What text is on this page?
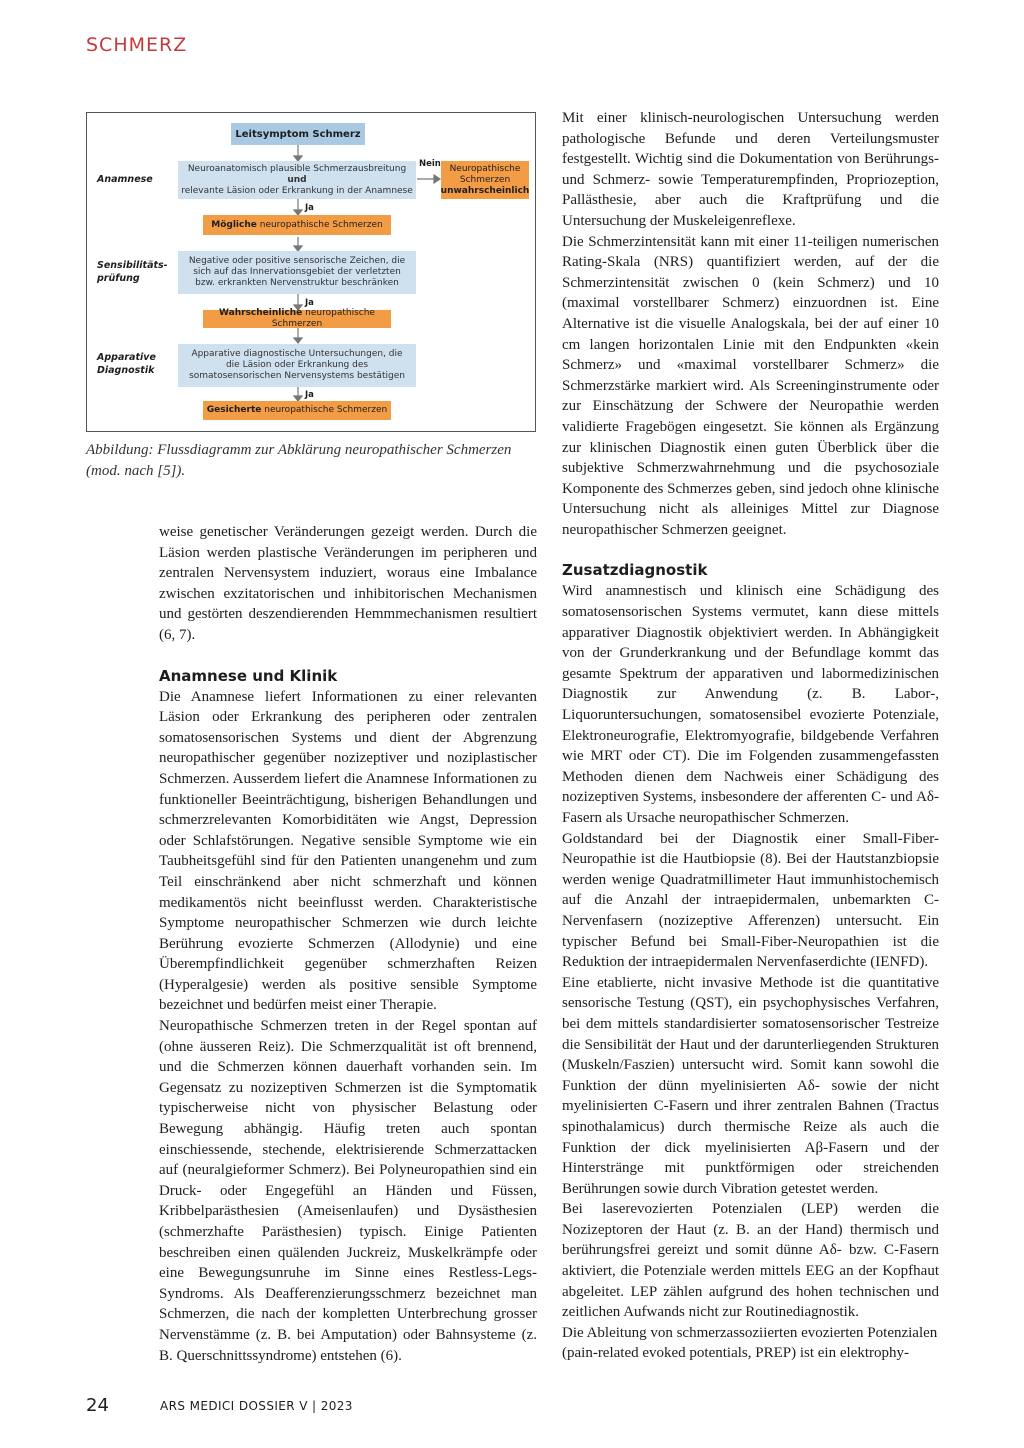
SCHMERZ
Leitsymptom Schmerz
Anamnese
Neuroanatomisch plausible Schmerzausbreitung
und
relevante Läsion oder Erkrankung in der Anamnese
Nein Neuropathische
Schmerzen
unwahrscheinlich
Ja
Mögliche neuropathische Schmerzen
Sensibilitäts-
prüfung
Negative oder positive sensorische Zeichen, die sich auf das Innervationsgebiet der verletzten bzw. erkrankten Nervenstruktur beschränken
Ja
Wahrscheinliche neuropathische Schmerzen
Apparative
Diagnostik
Apparative diagnostische Untersuchungen, die die Läsion oder Erkrankung des somatosensorischen Nervensystems bestätigen
Ja
Gesicherte neuropathische Schmerzen
Abbildung: Flussdiagramm zur Abklärung neuropathischer Schmerzen (mod. nach [5]).

weise genetischer Veränderungen gezeigt werden. Durch die Läsion werden plastische Veränderungen im peripheren und zentralen Nervensystem induziert, woraus eine Imbalance zwischen exzitatorischen und inhibitorischen Mechanismen und gestörten deszendierenden Hemmmechanismen resultiert (6, 7).

Anamnese und Klinik

Die Anamnese liefert Informationen zu einer relevanten Läsion oder Erkrankung des peripheren oder zentralen somatosensorischen Systems und dient der Abgrenzung neuropathischer gegenüber nozizeptiver und noziplastischer Schmerzen. Ausserdem liefert die Anamnese Informationen zu funktioneller Beeinträchtigung, bisherigen Behandlungen und schmerzrelevanten Komorbiditäten wie Angst, Depression oder Schlafstörungen. Negative sensible Symptome wie ein Taubheitsgefühl sind für den Patienten unangenehm und zum Teil einschränkend aber nicht schmerzhaft und können medikamentös nicht beeinflusst werden. Charakteristische Symptome neuropathischer Schmerzen wie durch leichte Berührung evozierte Schmerzen (Allodynie) und eine Überempfindlichkeit gegenüber schmerzhaften Reizen (Hyperalgesie) werden als positive sensible Symptome bezeichnet und bedürfen meist einer Therapie.

Neuropathische Schmerzen treten in der Regel spontan auf (ohne äusseren Reiz). Die Schmerzqualität ist oft brennend, und die Schmerzen können dauerhaft vorhanden sein. Im Gegensatz zu nozizeptiven Schmerzen ist die Symptomatik typischerweise nicht von physischer Belastung oder Bewegung abhängig. Häufig treten auch spontan einschiessende, stechende, elektrisierende Schmerzattacken auf (neuralgieformer Schmerz). Bei Polyneuropathien sind ein Druck- oder Engegefühl an Händen und Füssen, Kribbelparästhesien (Ameisenlaufen) und Dysästhesien (schmerzhafte Parästhesien) typisch. Einige Patienten beschreiben einen quälenden Juckreiz, Muskelkrämpfe oder eine Bewegungsunruhe im Sinne eines Restless-Legs-Syndroms. Als Deafferenzierungsschmerz bezeichnet man Schmerzen, die nach der kompletten Unterbrechung grosser Nervenstämme (z. B. bei Amputation) oder Bahnsysteme (z. B. Querschnittssyndrome) entstehen (6).

Mit einer klinisch-neurologischen Untersuchung werden pathologische Befunde und deren Verteilungsmuster festgestellt. Wichtig sind die Dokumentation von Berührungs- und Schmerz- sowie Temperaturempfinden, Propriozeption, Pallästhesie, aber auch die Kraftprüfung und die Untersuchung der Muskeleigenreflexe.

Die Schmerzintensität kann mit einer 11-teiligen numerischen Rating-Skala (NRS) quantifiziert werden, auf der die Schmerzintensität zwischen 0 (kein Schmerz) und 10 (maximal vorstellbarer Schmerz) einzuordnen ist. Eine Alternative ist die visuelle Analogskala, bei der auf einer 10 cm langen horizontalen Linie mit den Endpunkten «kein Schmerz» und «maximal vorstellbarer Schmerz» die Schmerzstärke markiert wird. Als Screeninginstrumente oder zur Einschätzung der Schwere der Neuropathie werden validierte Fragebögen eingesetzt. Sie können als Ergänzung zur klinischen Diagnostik einen guten Überblick über die subjektive Schmerzwahrnehmung und die psychosoziale Komponente des Schmerzes geben, sind jedoch ohne klinische Untersuchung nicht als alleiniges Mittel zur Diagnose neuropathischer Schmerzen geeignet.

Zusatzdiagnostik

Wird anamnestisch und klinisch eine Schädigung des somatosensorischen Systems vermutet, kann diese mittels apparativer Diagnostik objektiviert werden. In Abhängigkeit von der Grunderkrankung und der Befundlage kommt das gesamte Spektrum der apparativen und labormedizinischen Diagnostik zur Anwendung (z. B. Labor-, Liquoruntersuchungen, somatosensibel evozierte Potenziale, Elektroneurografie, Elektromyografie, bildgebende Verfahren wie MRT oder CT). Die im Folgenden zusammengefassten Methoden dienen dem Nachweis einer Schädigung des nozizeptiven Systems, insbesondere der afferenten C- und Aδ-Fasern als Ursache neuropathischer Schmerzen.

Goldstandard bei der Diagnostik einer Small-Fiber-Neuropathie ist die Hautbiopsie (8). Bei der Hautstanzbiopsie werden wenige Quadratmillimeter Haut immunhistochemisch auf die Anzahl der intraepidermalen, unbemarkten C-Nervenfasern (nozizeptive Afferenzen) untersucht. Ein typischer Befund bei Small-Fiber-Neuropathien ist die Reduktion der intraepidermalen Nervenfaserdichte (IENFD).

Eine etablierte, nicht invasive Methode ist die quantitative sensorische Testung (QST), ein psychophysisches Verfahren, bei dem mittels standardisierter somatosensorischer Testreize die Sensibilität der Haut und der darunterliegenden Strukturen (Muskeln/Faszien) untersucht wird. Somit kann sowohl die Funktion der dünn myelinisierten Aδ- sowie der nicht myelinisierten C-Fasern und ihrer zentralen Bahnen (Tractus spinothalamicus) durch thermische Reize als auch die Funktion der dick myelinisierten Aβ-Fasern und der Hinterstränge mit punktförmigen oder streichenden Berührungen sowie durch Vibration getestet werden.

Bei laserevozierten Potenzialen (LEP) werden die Nozizeptoren der Haut (z. B. an der Hand) thermisch und berührungsfrei gereizt und somit dünne Aδ- bzw. C-Fasern aktiviert, die Potenziale werden mittels EEG an der Kopfhaut abgeleitet. LEP zählen aufgrund des hohen technischen und zeitlichen Aufwands nicht zur Routinediagnostik.

Die Ableitung von schmerzassoziierten evozierten Potenzialen (pain-related evoked potentials, PREP) ist ein elektrophy-

24	ARS MEDICI DOSSIER V | 2023
